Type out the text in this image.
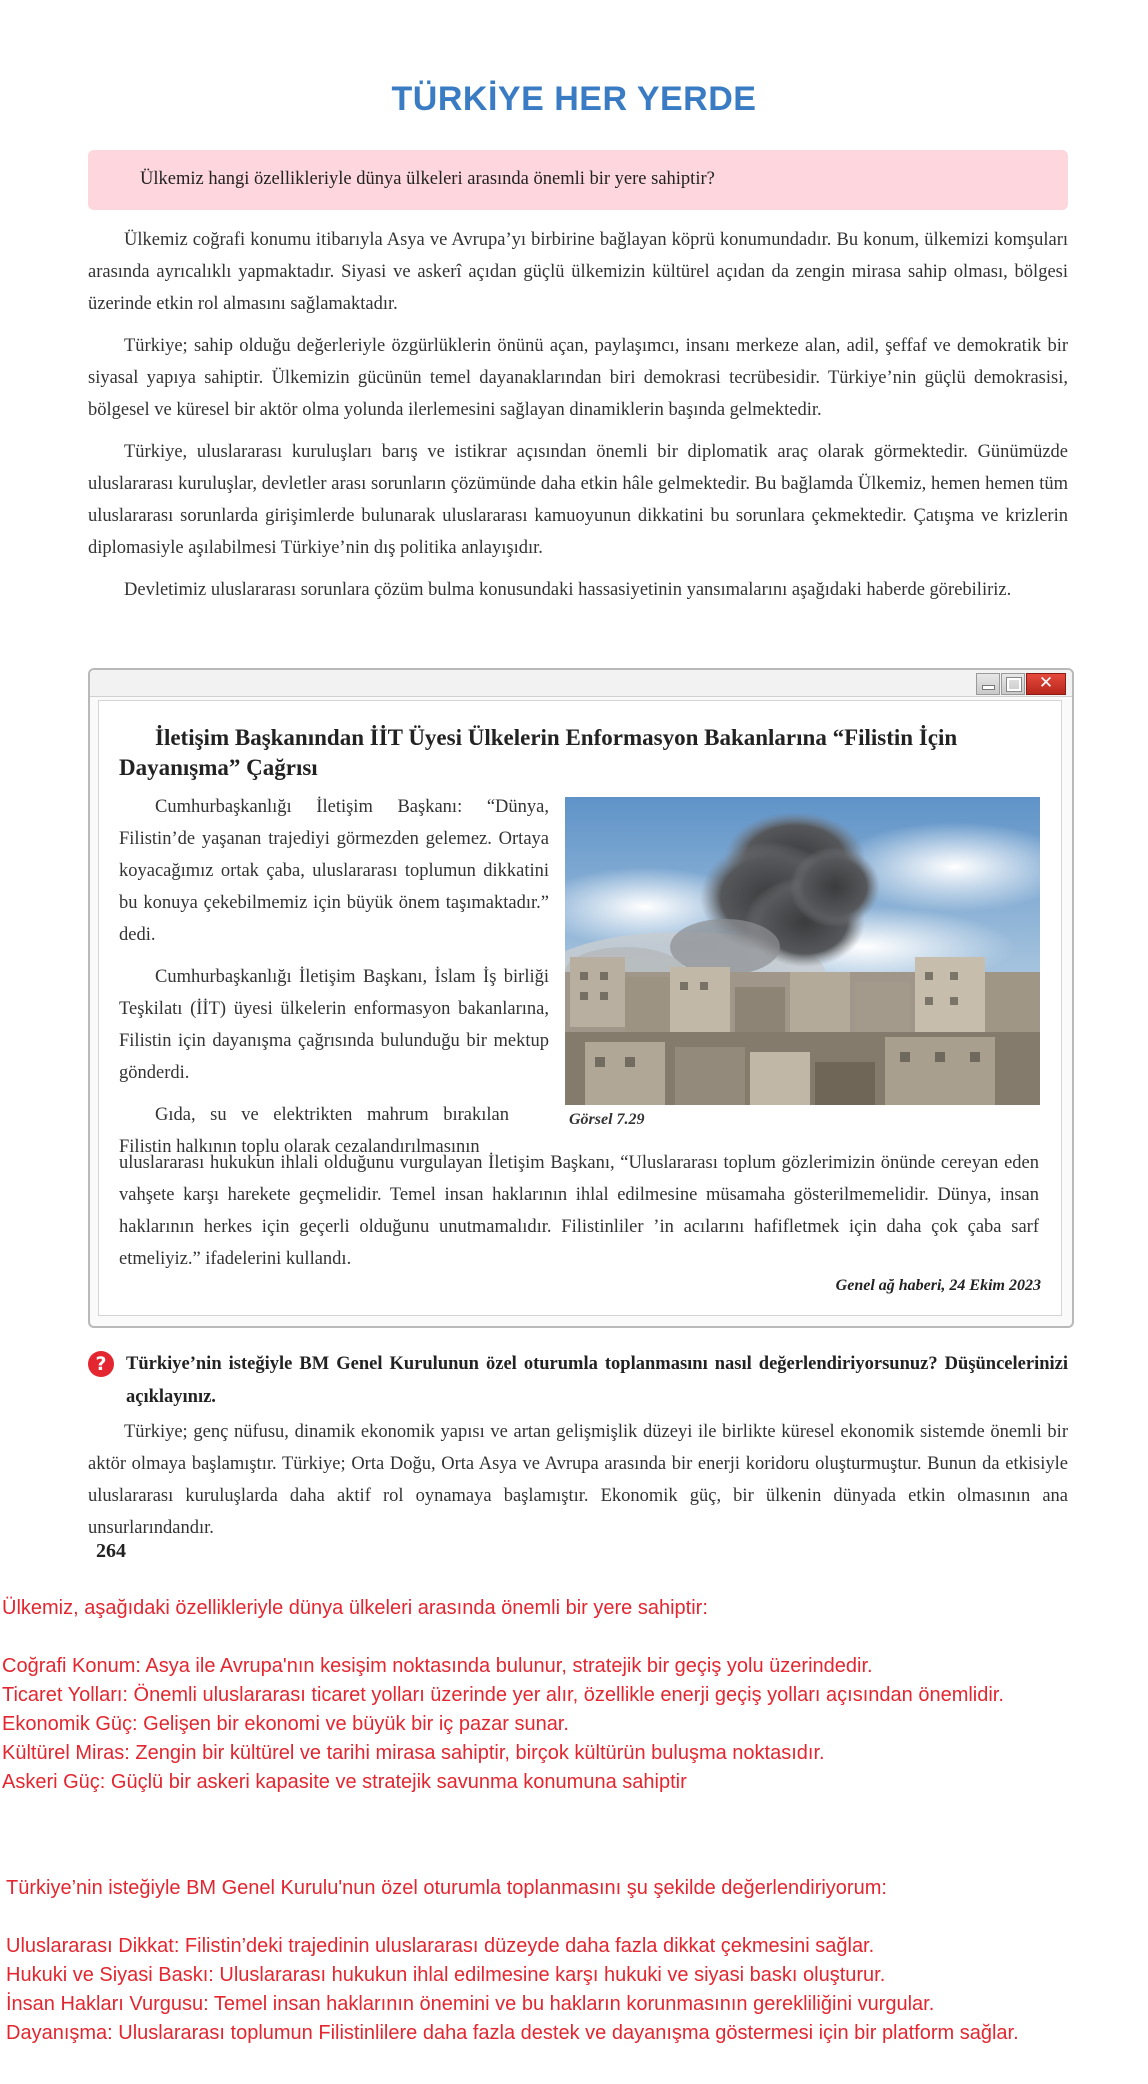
TÜRKİYE HER YERDE
Ülkemiz hangi özellikleriyle dünya ülkeleri arasında önemli bir yere sahiptir?

Ülkemiz coğrafi konumu itibarıyla Asya ve Avrupa’yı birbirine bağlayan köprü konumundadır. Bu konum, ülkemizi komşuları arasında ayrıcalıklı yapmaktadır. Siyasi ve askerî açıdan güçlü ülkemizin kültürel açıdan da zengin mirasa sahip olması, bölgesi üzerinde etkin rol almasını sağlamaktadır.

Türkiye; sahip olduğu değerleriyle özgürlüklerin önünü açan, paylaşımcı, insanı merkeze alan, adil, şeffaf ve demokratik bir siyasal yapıya sahiptir. Ülkemizin gücünün temel dayanaklarından biri demokrasi tecrübesidir. Türkiye’nin güçlü demokrasisi, bölgesel ve küresel bir aktör olma yolunda ilerlemesini sağlayan dinamiklerin başında gelmektedir.

Türkiye, uluslararası kuruluşları barış ve istikrar açısından önemli bir diplomatik araç olarak görmektedir. Günümüzde uluslararası kuruluşlar, devletler arası sorunların çözümünde daha etkin hâle gelmektedir. Bu bağlamda Ülkemiz, hemen hemen tüm uluslararası sorunlarda girişimlerde bulunarak uluslararası kamuoyunun dikkatini bu sorunlara çekmektedir. Çatışma ve krizlerin diplomasiyle aşılabilmesi Türkiye’nin dış politika anlayışıdır.

Devletimiz uluslararası sorunlara çözüm bulma konusundaki hassasiyetinin yansımalarını aşağıdaki haberde görebiliriz.

✕
İletişim Başkanından İİT Üyesi Ülkelerin Enformasyon Bakanlarına “Filistin İçin Dayanışma” Çağrısı

Cumhurbaşkanlığı İletişim Başkanı: “Dünya, Filistin’de yaşanan trajediyi görmezden gelemez. Ortaya koyacağımız ortak çaba, uluslararası toplumun dikkatini bu konuya çekebilmemiz için büyük önem taşımaktadır.” dedi.

Cumhurbaşkanlığı İletişim Başkanı, İslam İş birliği Teşkilatı (İİT) üyesi ülkelerin enformasyon bakanlarına, Filistin için dayanışma çağrısında bulunduğu bir mektup gönderdi.

Gıda, su ve elektrikten mahrum bırakılan Filistin halkının toplu olarak cezalandırılmasının

Görsel 7.29
uluslararası hukukun ihlali olduğunu vurgulayan İletişim Başkanı, “Uluslararası toplum gözlerimizin önünde cereyan eden vahşete karşı harekete geçmelidir. Temel insan haklarının ihlal edilmesine müsamaha gösterilmemelidir. Dünya, insan haklarının herkes için geçerli olduğunu unutmamalıdır. Filistinliler ’in acılarını hafifletmek için daha çok çaba sarf etmeliyiz.” ifadelerini kullandı.
Genel ağ haberi, 24 Ekim 2023
?	Türkiye’nin isteğiyle BM Genel Kurulunun özel oturumla toplanmasını nasıl değerlendiriyorsunuz? Düşüncelerinizi açıklayınız.
Türkiye; genç nüfusu, dinamik ekonomik yapısı ve artan gelişmişlik düzeyi ile birlikte küresel ekonomik sistemde önemli bir aktör olmaya başlamıştır. Türkiye; Orta Doğu, Orta Asya ve Avrupa arasında bir enerji koridoru oluşturmuştur. Bunun da etkisiyle uluslararası kuruluşlarda daha aktif rol oynamaya başlamıştır. Ekonomik güç, bir ülkenin dünyada etkin olmasının ana unsurlarındandır.
264
Ülkemiz, aşağıdaki özellikleriyle dünya ülkeleri arasında önemli bir yere sahiptir:
Coğrafi Konum: Asya ile Avrupa'nın kesişim noktasında bulunur, stratejik bir geçiş yolu üzerindedir.
Ticaret Yolları: Önemli uluslararası ticaret yolları üzerinde yer alır, özellikle enerji geçiş yolları açısından önemlidir.
Ekonomik Güç: Gelişen bir ekonomi ve büyük bir iç pazar sunar.
Kültürel Miras: Zengin bir kültürel ve tarihi mirasa sahiptir, birçok kültürün buluşma noktasıdır.
Askeri Güç: Güçlü bir askeri kapasite ve stratejik savunma konumuna sahiptir
Türkiye’nin isteğiyle BM Genel Kurulu'nun özel oturumla toplanmasını şu şekilde değerlendiriyorum:
Uluslararası Dikkat: Filistin’deki trajedinin uluslararası düzeyde daha fazla dikkat çekmesini sağlar.
Hukuki ve Siyasi Baskı: Uluslararası hukukun ihlal edilmesine karşı hukuki ve siyasi baskı oluşturur.
İnsan Hakları Vurgusu: Temel insan haklarının önemini ve bu hakların korunmasının gerekliliğini vurgular.
Dayanışma: Uluslararası toplumun Filistinlilere daha fazla destek ve dayanışma göstermesi için bir platform sağlar.
